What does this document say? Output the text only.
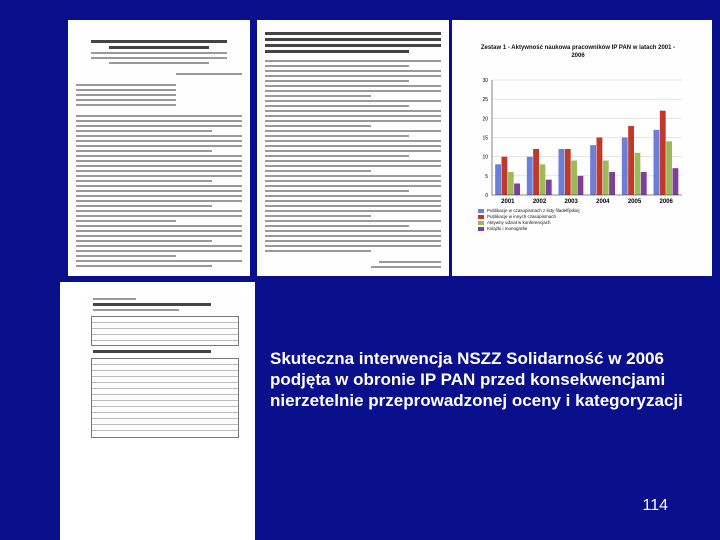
Zestaw 1 - Aktywność naukowa pracowników IP PAN w latach 2001 - 2006
0
5
10
15
20
25
30
2001	2002	2003	2004	2005	2006
Publikacje w czasopismach z listy filadelfijskiej
Publikacje w innych czasopismach
Aktywny udział w konferencjach
Książki i monografie
Skuteczna interwencja NSZZ Solidarność w 2006
podjęta w obronie IP PAN przed konsekwencjami
nierzetelnie przeprowadzonej oceny i kategoryzacji
114
